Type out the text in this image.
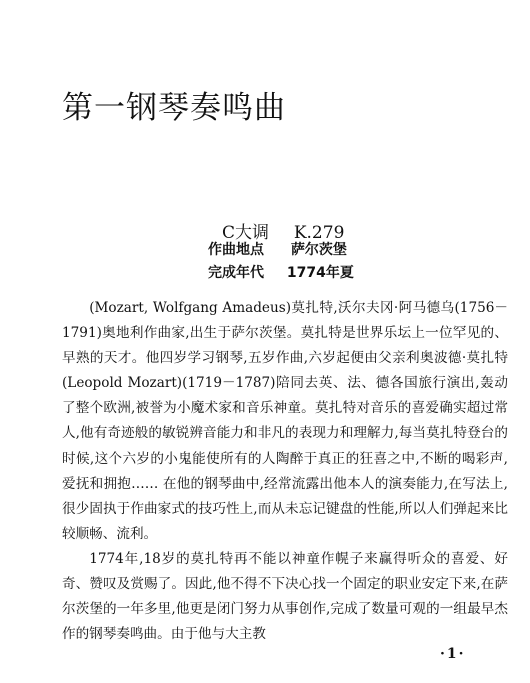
第一钢琴奏鸣曲
C大调 K.279
作曲地点 萨尔茨堡
完成年代 1774年夏

(Mozart, Wolfgang Amadeus)莫扎特,沃尔夫冈·阿马德乌(1756－1791)奥地利作曲家,出生于萨尔茨堡。莫扎特是世界乐坛上一位罕见的、早熟的天才。他四岁学习钢琴,五岁作曲,六岁起便由父亲利奥波德·莫扎特(Leopold Mozart)(1719－1787)陪同去英、法、德各国旅行演出,轰动了整个欧洲,被誉为小魔术家和音乐神童。莫扎特对音乐的喜爱确实超过常人,他有奇迹般的敏锐辨音能力和非凡的表现力和理解力,每当莫扎特登台的时候,这个六岁的小鬼能使所有的人陶醉于真正的狂喜之中,不断的喝彩声,爱抚和拥抱…… 在他的钢琴曲中,经常流露出他本人的演奏能力,在写法上,很少固执于作曲家式的技巧性上,而从未忘记键盘的性能,所以人们弹起来比较顺畅、流利。

1774年,18岁的莫扎特再不能以神童作幌子来赢得听众的喜爱、好奇、赞叹及赏赐了。因此,他不得不下决心找一个固定的职业安定下来,在萨尔茨堡的一年多里,他更是闭门努力从事创作,完成了数量可观的一组最早杰作的钢琴奏鸣曲。由于他与大主教

·1·
